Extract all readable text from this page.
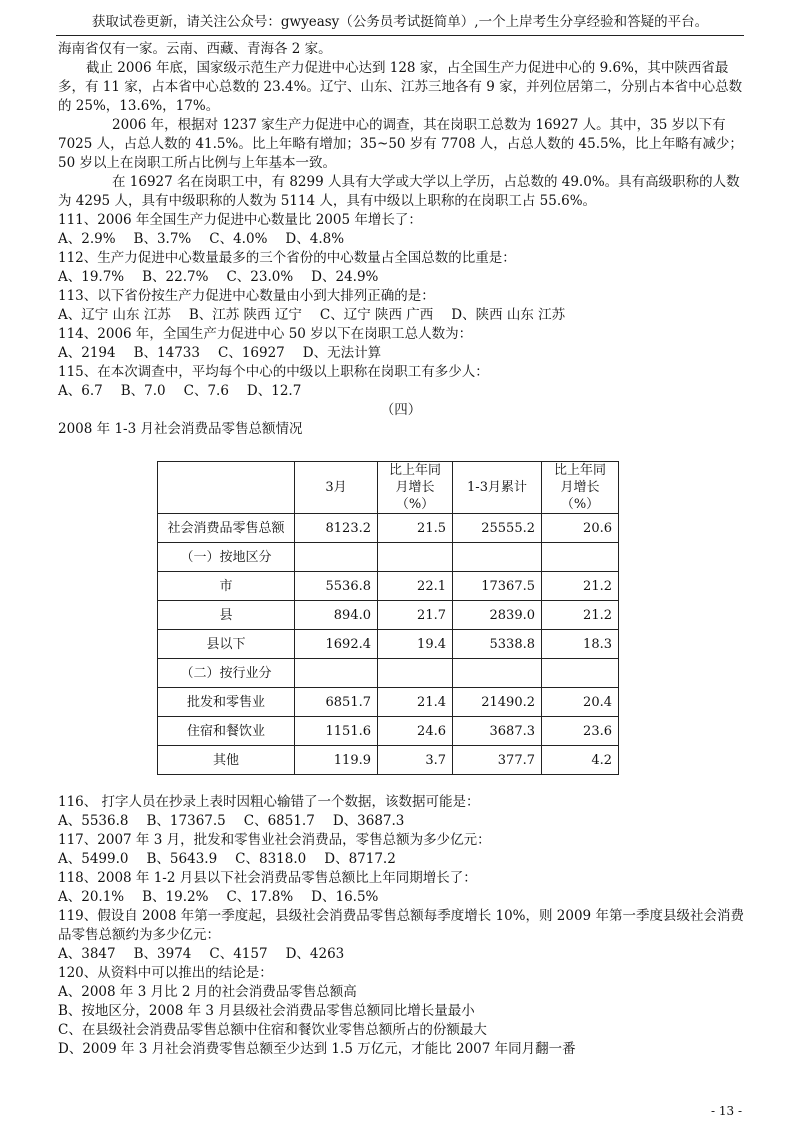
获取试卷更新，请关注公众号：gwyeasy（公务员考试挺简单）,一个上岸考生分享经验和答疑的平台。

海南省仅有一家。云南、西藏、青海各 2 家。

截止 2006 年底，国家级示范生产力促进中心达到 128 家，占全国生产力促进中心的 9.6%，其中陕西省最多，有 11 家，占本省中心总数的 23.4%。辽宁、山东、江苏三地各有 9 家，并列位居第二，分别占本省中心总数的 25%，13.6%，17%。

2006 年，根据对 1237 家生产力促进中心的调查，其在岗职工总数为 16927 人。其中，35 岁以下有 7025 人，占总人数的 41.5%。比上年略有增加；35~50 岁有 7708 人，占总人数的 45.5%，比上年略有减少；50 岁以上在岗职工所占比例与上年基本一致。

在 16927 名在岗职工中，有 8299 人具有大学或大学以上学历，占总数的 49.0%。具有高级职称的人数为 4295 人，具有中级职称的人数为 5114 人，具有中级以上职称的在岗职工占 55.6%。

111、2006 年全国生产力促进中心数量比 2005 年增长了：

A、2.9% B、3.7% C、4.0% D、4.8%

112、生产力促进中心数量最多的三个省份的中心数量占全国总数的比重是：

A、19.7% B、22.7% C、23.0% D、24.9%

113、以下省份按生产力促进中心数量由小到大排列正确的是：

A、辽宁 山东 江苏 B、江苏 陕西 辽宁 C、辽宁 陕西 广西 D、陕西 山东 江苏

114、2006 年，全国生产力促进中心 50 岁以下在岗职工总人数为：

A、2194 B、14733 C、16927 D、无法计算

115、在本次调查中，平均每个中心的中级以上职称在岗职工有多少人：

A、6.7 B、7.0 C、7.6 D、12.7

（四）

2008 年 1-3 月社会消费品零售总额情况

	3月	比上年同月增长（%）	1-3月累计	比上年同月增长（%）
社会消费品零售总额	8123.2	21.5	25555.2	20.6
（一）按地区分				
市	5536.8	22.1	17367.5	21.2
县	894.0	21.7	2839.0	21.2
县以下	1692.4	19.4	5338.8	18.3
（二）按行业分				
批发和零售业	6851.7	21.4	21490.2	20.4
住宿和餐饮业	1151.6	24.6	3687.3	23.6
其他	119.9	3.7	377.7	4.2

116、 打字人员在抄录上表时因粗心输错了一个数据，该数据可能是：

A、5536.8 B、17367.5 C、6851.7 D、3687.3

117、2007 年 3 月，批发和零售业社会消费品，零售总额为多少亿元：

A、5499.0 B、5643.9 C、8318.0 D、8717.2

118、2008 年 1-2 月县以下社会消费品零售总额比上年同期增长了：

A、20.1% B、19.2% C、17.8% D、16.5%

119、假设自 2008 年第一季度起，县级社会消费品零售总额每季度增长 10%，则 2009 年第一季度县级社会消费品零售总额约为多少亿元：

A、3847 B、3974 C、4157 D、4263

120、从资料中可以推出的结论是：

A、2008 年 3 月比 2 月的社会消费品零售总额高

B、按地区分，2008 年 3 月县级社会消费品零售总额同比增长量最小

C、在县级社会消费品零售总额中住宿和餐饮业零售总额所占的份额最大

D、2009 年 3 月社会消费零售总额至少达到 1.5 万亿元，才能比 2007 年同月翻一番

- 13 -
